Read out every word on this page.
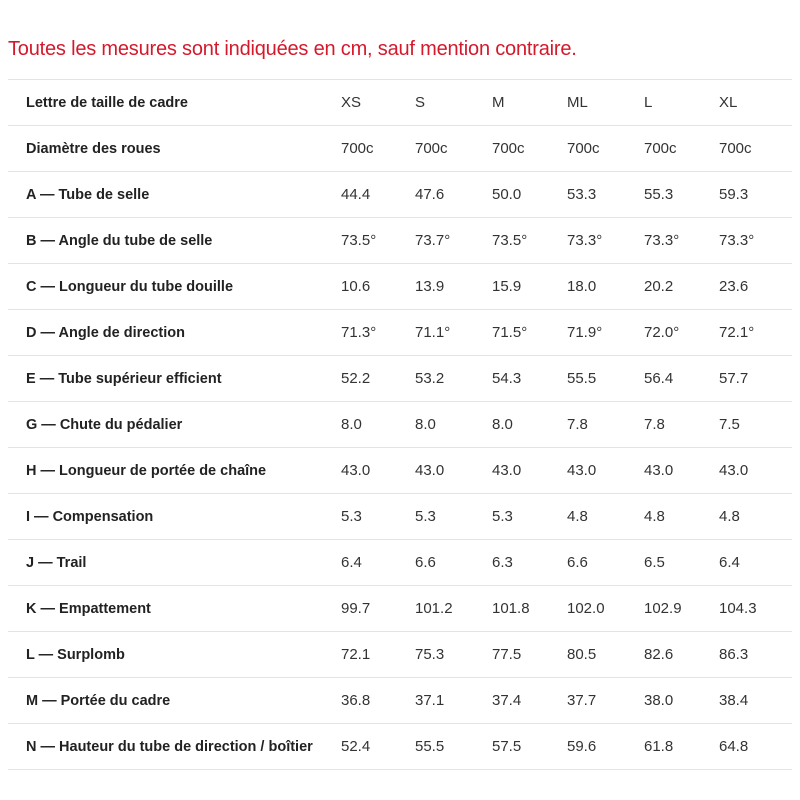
Toutes les mesures sont indiquées en cm, sauf mention contraire.
Lettre de taille de cadre	XS	S	M	ML	L	XL
Diamètre des roues	700c	700c	700c	700c	700c	700c
A — Tube de selle	44.4	47.6	50.0	53.3	55.3	59.3
B — Angle du tube de selle	73.5°	73.7°	73.5°	73.3°	73.3°	73.3°
C — Longueur du tube douille	10.6	13.9	15.9	18.0	20.2	23.6
D — Angle de direction	71.3°	71.1°	71.5°	71.9°	72.0°	72.1°
E — Tube supérieur efficient	52.2	53.2	54.3	55.5	56.4	57.7
G — Chute du pédalier	8.0	8.0	8.0	7.8	7.8	7.5
H — Longueur de portée de chaîne	43.0	43.0	43.0	43.0	43.0	43.0
I — Compensation	5.3	5.3	5.3	4.8	4.8	4.8
J — Trail	6.4	6.6	6.3	6.6	6.5	6.4
K — Empattement	99.7	101.2	101.8	102.0	102.9	104.3
L — Surplomb	72.1	75.3	77.5	80.5	82.6	86.3
M — Portée du cadre	36.8	37.1	37.4	37.7	38.0	38.4
N — Hauteur du tube de direction / boîtier	52.4	55.5	57.5	59.6	61.8	64.8
